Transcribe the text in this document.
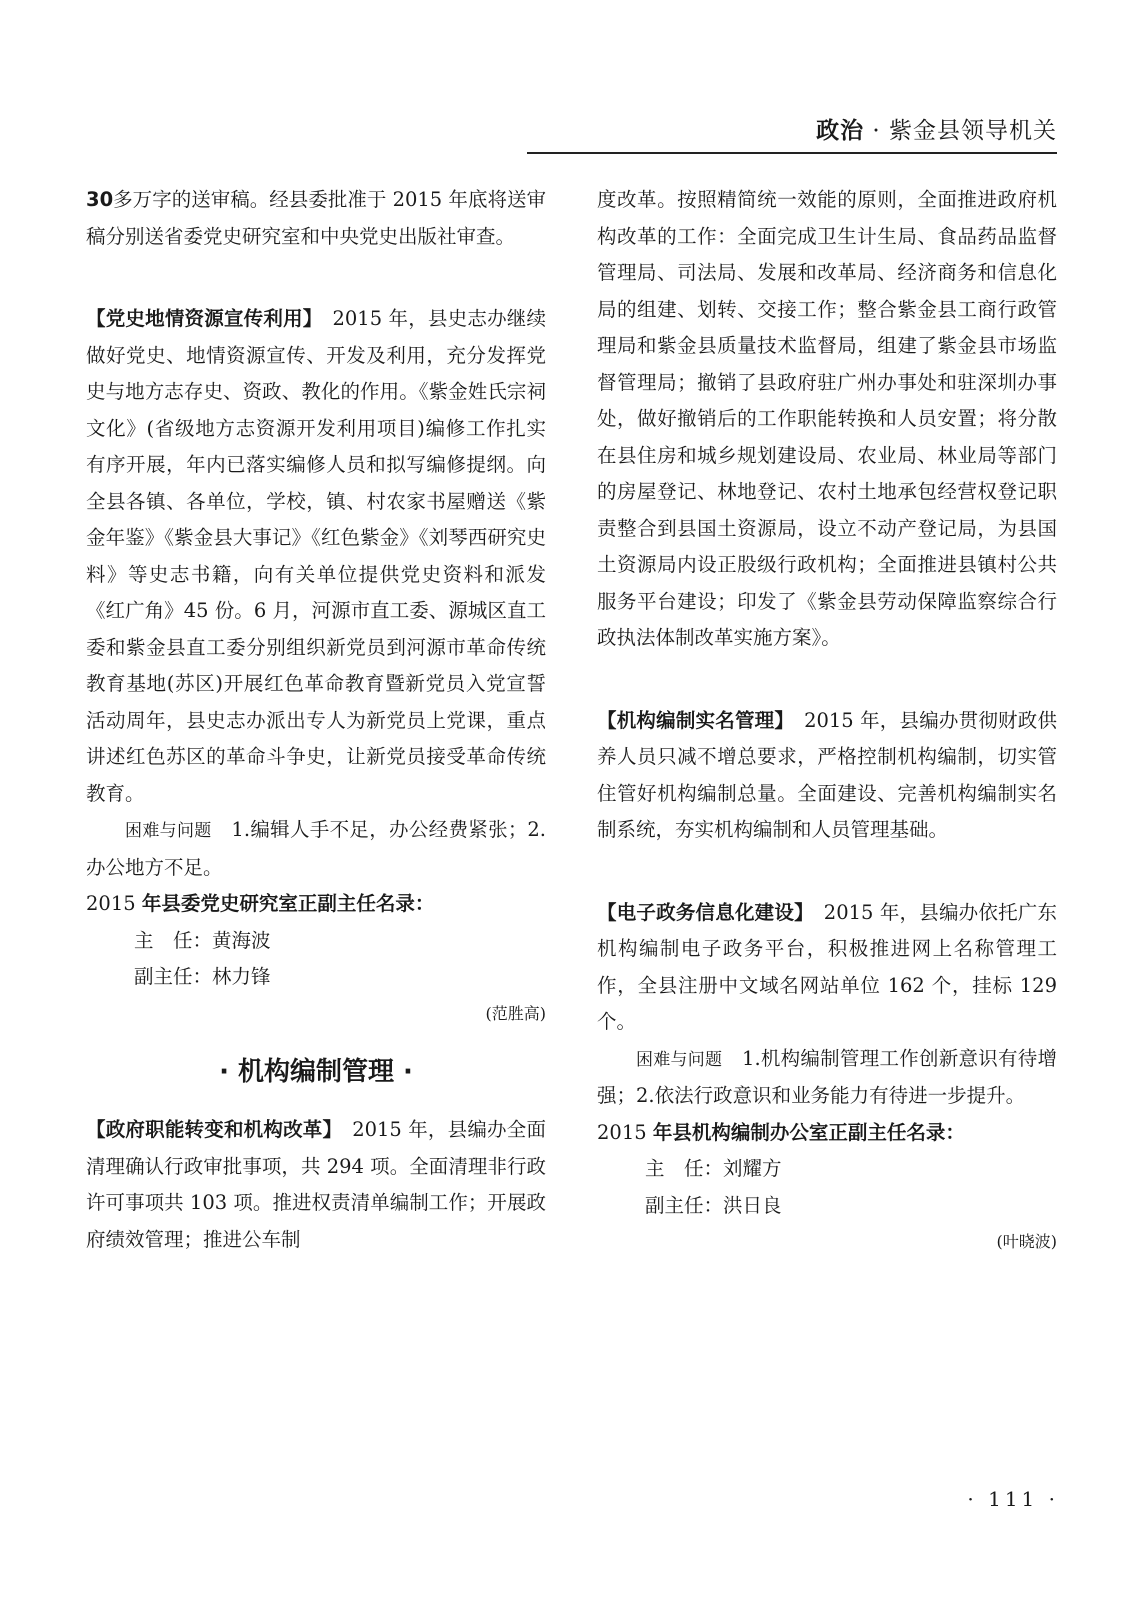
政治 · 紫金县领导机关

30多万字的送审稿。经县委批准于 2015 年底将送审稿分别送省委党史研究室和中央党史出版社审查。

【党史地情资源宣传利用】　 2015 年，县史志办继续做好党史、地情资源宣传、开发及利用，充分发挥党史与地方志存史、资政、教化的作用。《紫金姓氏宗祠文化》(省级地方志资源开发利用项目)编修工作扎实有序开展，年内已落实编修人员和拟写编修提纲。向全县各镇、各单位，学校，镇、村农家书屋赠送《紫金年鉴》《紫金县大事记》《红色紫金》《刘琴西研究史料》等史志书籍，向有关单位提供党史资料和派发《红广角》45 份。6 月，河源市直工委、源城区直工委和紫金县直工委分别组织新党员到河源市革命传统教育基地(苏区)开展红色革命教育暨新党员入党宣誓活动周年，县史志办派出专人为新党员上党课，重点讲述红色苏区的革命斗争史，让新党员接受革命传统教育。

困难与问题　 1.编辑人手不足，办公经费紧张；2.办公地方不足。

2015 年县委党史研究室正副主任名录：

主　任：黄海波

副主任：林力锋

(范胜高)

· 机构编制管理 ·

【政府职能转变和机构改革】　 2015 年，县编办全面清理确认行政审批事项，共 294 项。全面清理非行政许可事项共 103 项。推进权责清单编制工作；开展政府绩效管理；推进公车制

度改革。按照精简统一效能的原则，全面推进政府机构改革的工作：全面完成卫生计生局、食品药品监督管理局、司法局、发展和改革局、经济商务和信息化局的组建、划转、交接工作；整合紫金县工商行政管理局和紫金县质量技术监督局，组建了紫金县市场监督管理局；撤销了县政府驻广州办事处和驻深圳办事处，做好撤销后的工作职能转换和人员安置；将分散在县住房和城乡规划建设局、农业局、林业局等部门的房屋登记、林地登记、农村土地承包经营权登记职责整合到县国土资源局，设立不动产登记局，为县国土资源局内设正股级行政机构；全面推进县镇村公共服务平台建设；印发了《紫金县劳动保障监察综合行政执法体制改革实施方案》。

【机构编制实名管理】　 2015 年，县编办贯彻财政供养人员只减不增总要求，严格控制机构编制，切实管住管好机构编制总量。全面建设、完善机构编制实名制系统，夯实机构编制和人员管理基础。

【电子政务信息化建设】　 2015 年，县编办依托广东机构编制电子政务平台，积极推进网上名称管理工作，全县注册中文域名网站单位 162 个，挂标 129 个。

困难与问题　 1.机构编制管理工作创新意识有待增强；2.依法行政意识和业务能力有待进一步提升。

2015 年县机构编制办公室正副主任名录：

主　任：刘耀方

副主任：洪日良

(叶晓波)

· 111 ·
